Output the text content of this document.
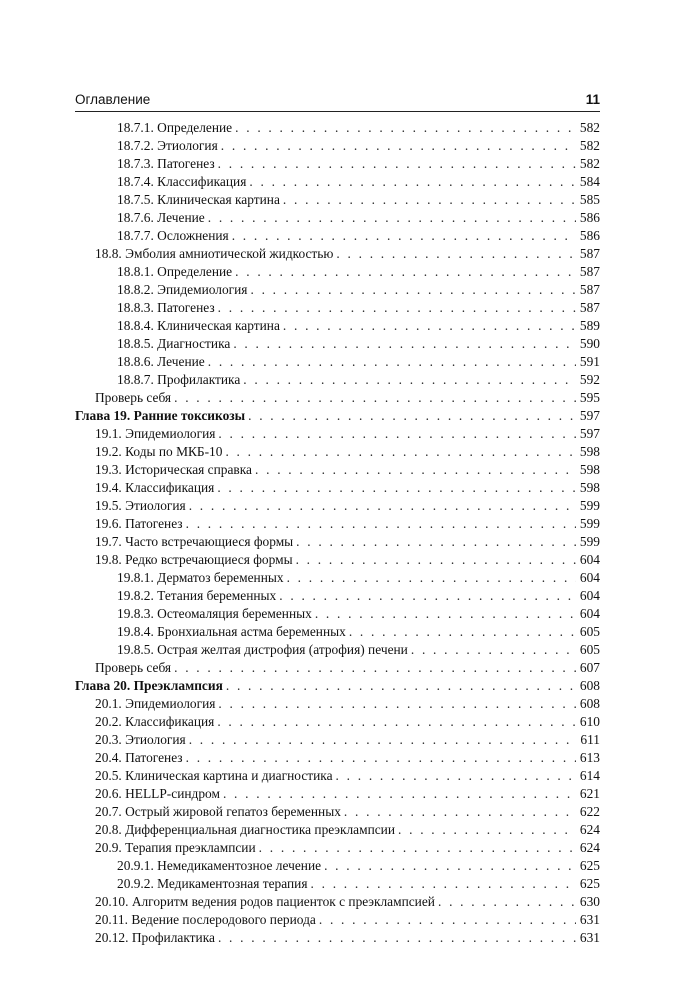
Оглавление	11
18.7.1. Определение . . .	582
18.7.2. Этиология . . .	582
18.7.3. Патогенез . . .	582
18.7.4. Классификация . . .	584
18.7.5. Клиническая картина . . .	585
18.7.6. Лечение . . .	586
18.7.7. Осложнения . . .	586
18.8. Эмболия амниотической жидкостью . . .	587
18.8.1. Определение . . .	587
18.8.2. Эпидемиология . . .	587
18.8.3. Патогенез . . .	587
18.8.4. Клиническая картина . . .	589
18.8.5. Диагностика . . .	590
18.8.6. Лечение . . .	591
18.8.7. Профилактика . . .	592
Проверь себя . . .	595
Глава 19. Ранние токсикозы . . .	597
19.1. Эпидемиология . . .	597
19.2. Коды по МКБ-10 . . .	598
19.3. Историческая справка . . .	598
19.4. Классификация . . .	598
19.5. Этиология . . .	599
19.6. Патогенез . . .	599
19.7. Часто встречающиеся формы . . .	599
19.8. Редко встречающиеся формы . . .	604
19.8.1. Дерматоз беременных . . .	604
19.8.2. Тетания беременных . . .	604
19.8.3. Остеомаляция беременных . . .	604
19.8.4. Бронхиальная астма беременных . . .	605
19.8.5. Острая желтая дистрофия (атрофия) печени . . .	605
Проверь себя . . .	607
Глава 20. Преэклампсия . . .	608
20.1. Эпидемиология . . .	608
20.2. Классификация . . .	610
20.3. Этиология . . .	611
20.4. Патогенез . . .	613
20.5. Клиническая картина и диагностика . . .	614
20.6. HELLP-синдром . . .	621
20.7. Острый жировой гепатоз беременных . . .	622
20.8. Дифференциальная диагностика преэклампсии . . .	624
20.9. Терапия преэклампсии . . .	624
20.9.1. Немедикаментозное лечение . . .	625
20.9.2. Медикаментозная терапия . . .	625
20.10. Алгоритм ведения родов пациенток с преэклампсией . . .	630
20.11. Ведение послеродового периода . . .	631
20.12. Профилактика . . .	631
